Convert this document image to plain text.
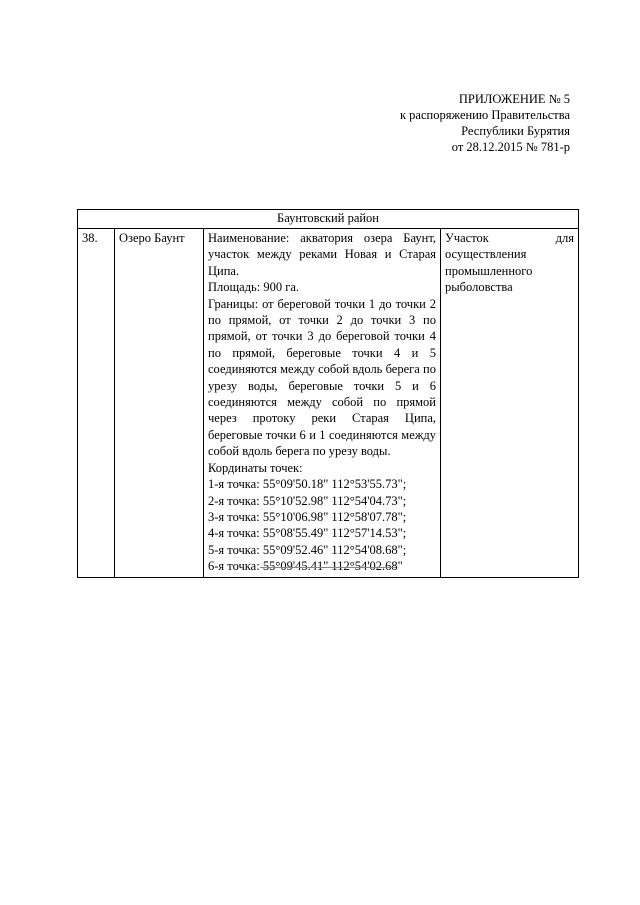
ПРИЛОЖЕНИЕ № 5
к распоряжению Правительства
Республики Бурятия
от 28.12.2015 № 781-р
Баунтовский район
38.	Озеро Баунт	Наименование: акватория озера Баунт, участок между реками Новая и Старая Ципа.
Площадь: 900 га.
Границы: от береговой точки 1 до точки 2 по прямой, от точки 2 до точки 3 по прямой, от точки 3 до береговой точки 4 по прямой, береговые точки 4 и 5 соединяются между собой вдоль берега по урезу воды, береговые точки 5 и 6 соединяются между собой по прямой через протоку реки Старая Ципа, береговые точки 6 и 1 соединяются между собой вдоль берега по урезу воды.
Кординаты точек:
1-я точка: 55°09'50.18" 112°53'55.73";
2-я точка: 55°10'52.98" 112°54'04.73";
3-я точка: 55°10'06.98" 112°58'07.78";
4-я точка: 55°08'55.49" 112°57'14.53";
5-я точка: 55°09'52.46" 112°54'08.68";
6-я точка: 55°09'45.41" 112°54'02.68"
	Участок для осуществления промышленного рыболовства
